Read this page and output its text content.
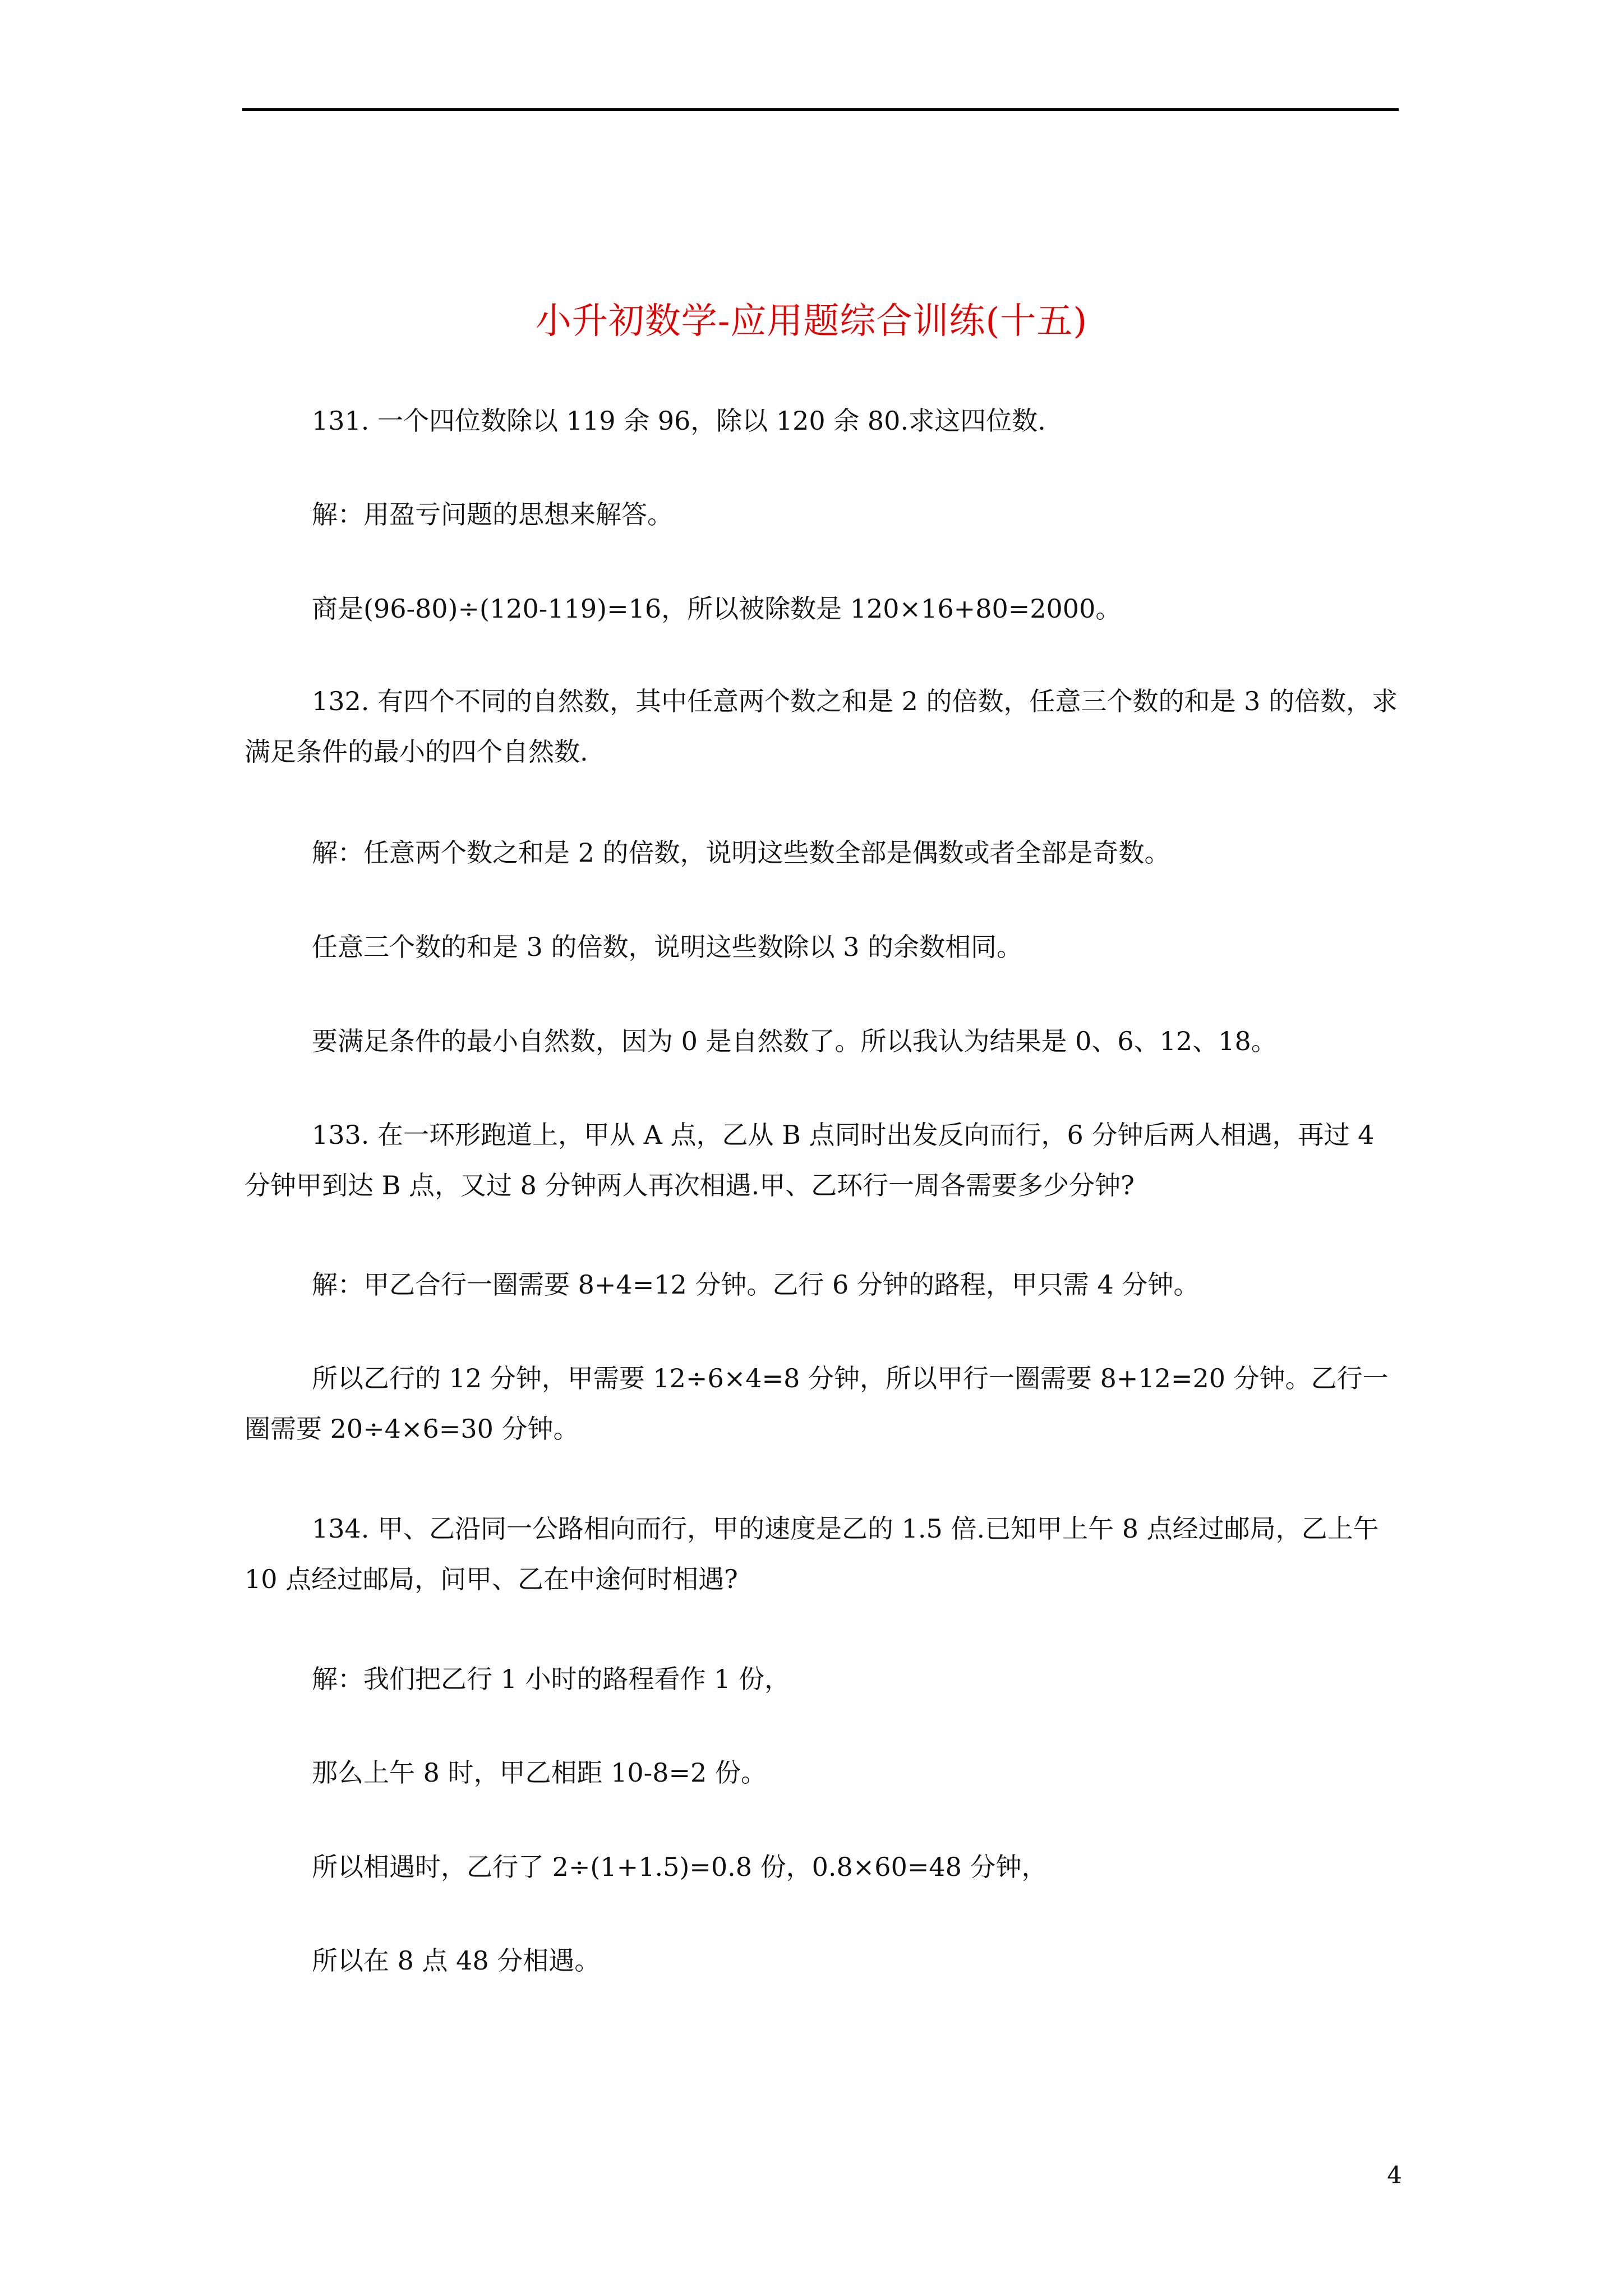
小升初数学-应用题综合训练(十五)

131. 一个四位数除以 119 余 96，除以 120 余 80.求这四位数.

解：用盈亏问题的思想来解答。

商是(96-80)÷(120-119)=16，所以被除数是 120×16+80=2000。

132. 有四个不同的自然数，其中任意两个数之和是 2 的倍数，任意三个数的和是 3 的倍数，求满足条件的最小的四个自然数.

解：任意两个数之和是 2 的倍数，说明这些数全部是偶数或者全部是奇数。

任意三个数的和是 3 的倍数，说明这些数除以 3 的余数相同。

要满足条件的最小自然数，因为 0 是自然数了。所以我认为结果是 0、6、12、18。

133. 在一环形跑道上，甲从 A 点，乙从 B 点同时出发反向而行，6 分钟后两人相遇，再过 4 分钟甲到达 B 点，又过 8 分钟两人再次相遇.甲、乙环行一周各需要多少分钟?

解：甲乙合行一圈需要 8+4=12 分钟。乙行 6 分钟的路程，甲只需 4 分钟。

所以乙行的 12 分钟，甲需要 12÷6×4=8 分钟，所以甲行一圈需要 8+12=20 分钟。乙行一圈需要 20÷4×6=30 分钟。

134. 甲、乙沿同一公路相向而行，甲的速度是乙的 1.5 倍.已知甲上午 8 点经过邮局，乙上午 10 点经过邮局，问甲、乙在中途何时相遇?

解：我们把乙行 1 小时的路程看作 1 份，

那么上午 8 时，甲乙相距 10-8=2 份。

所以相遇时，乙行了 2÷(1+1.5)=0.8 份，0.8×60=48 分钟，

所以在 8 点 48 分相遇。

4
